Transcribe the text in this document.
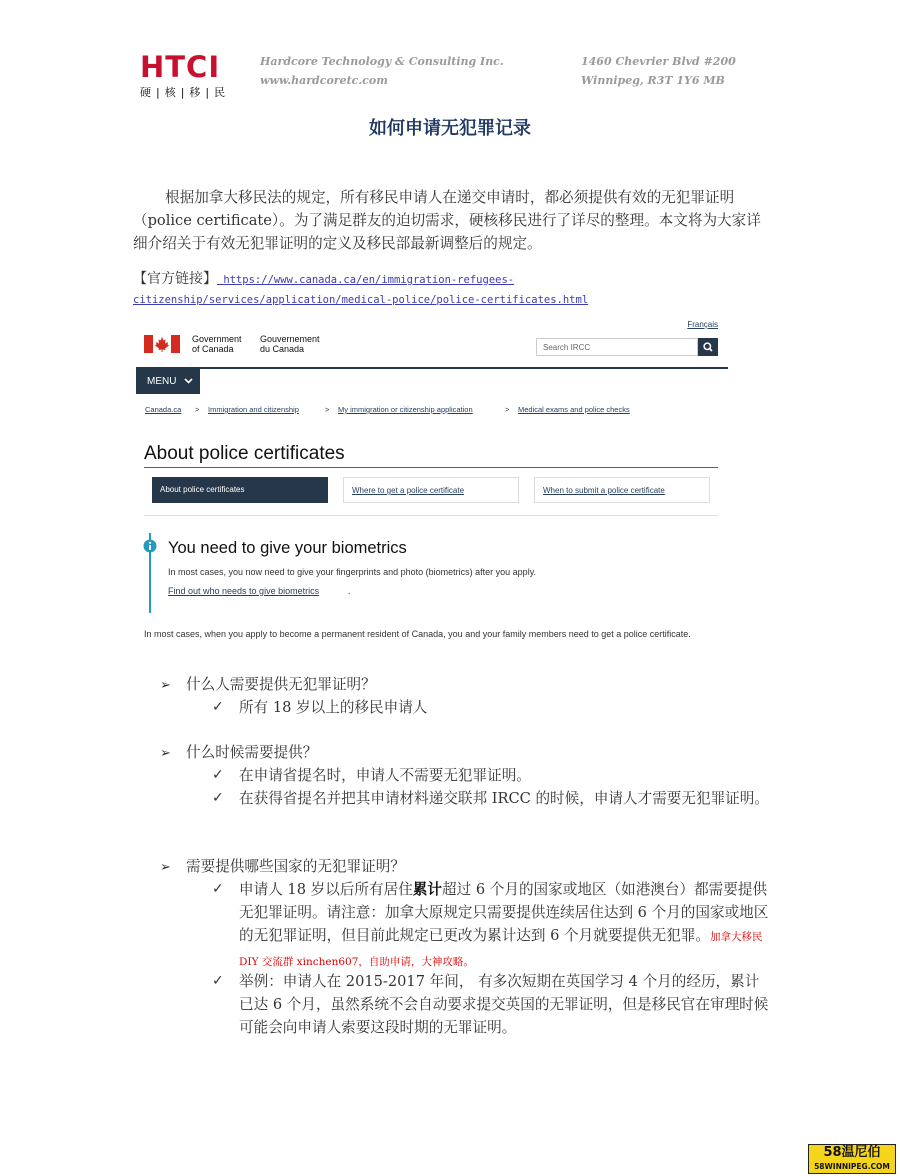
HTCI
硬|核|移|民
Hardcore Technology & Consulting Inc.
www.hardcoretc.com
1460 Chevrier Blvd #200
Winnipeg, R3T 1Y6 MB
如何申请无犯罪记录
根据加拿大移民法的规定，所有移民申请人在递交申请时，都必须提供有效的无犯罪证明（police certificate）。为了满足群友的迫切需求，硬核移民进行了详尽的整理。本文将为大家详细介绍关于有效无犯罪证明的定义及移民部最新调整后的规定。
【官方链接】 https://www.canada.ca/en/immigration-refugees-citizenship/services/application/medical-police/police-certificates.html
Français
Government
of Canada
Gouvernement
du Canada	Search IRCC
MENU
Canada.ca > Immigration and citizenship	> My immigration or citizenship application	> Medical exams and police checks
About police certificates
About police certificates	Where to get a police certificate	When to submit a police certificate
You need to give your biometrics
In most cases, you now need to give your fingerprints and photo (biometrics) after you apply.
Find out who needs to give biometrics	.
In most cases, when you apply to become a permanent resident of Canada, you and your family members need to get a police certificate.
➢ 什么人需要提供无犯罪证明？
✓ 所有 18 岁以上的移民申请人
➢ 什么时候需要提供？
✓ 在申请省提名时，申请人不需要无犯罪证明。
✓ 在获得省提名并把其申请材料递交联邦 IRCC 的时候，申请人才需要无犯罪证明。
➢ 需要提供哪些国家的无犯罪证明？
✓ 申请人 18 岁以后所有居住累计超过 6 个月的国家或地区（如港澳台）都需要提供无犯罪证明。请注意：加拿大原规定只需要提供连续居住达到 6 个月的国家或地区的无犯罪证明，但目前此规定已更改为累计达到 6 个月就要提供无犯罪。加拿大移民 DIY 交流群 xinchen607，自助申请，大神攻略。
✓ 举例：申请人在 2015-2017 年间， 有多次短期在英国学习 4 个月的经历，累计已达 6 个月，虽然系统不会自动要求提交英国的无罪证明，但是移民官在审理时候可能会向申请人索要这段时期的无罪证明。
58温尼伯
58WINNIPEG.COM
